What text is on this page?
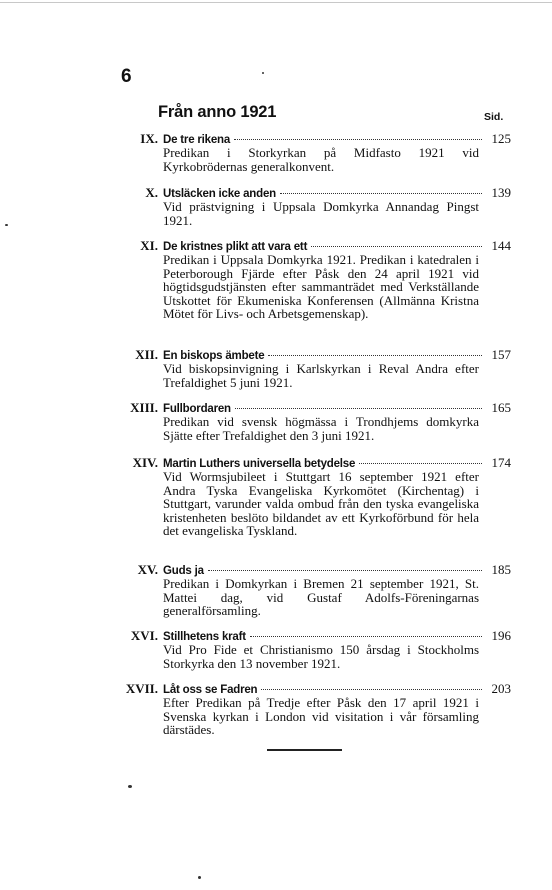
6
Från anno 1921	Sid.
IX. De tre rikena	125
Predikan i Storkyrkan på Midfasto 1921 vid Kyrkobrödernas generalkonvent.
X. Utsläcken icke anden	139
Vid prästvigning i Uppsala Domkyrka Annandag Pingst 1921.
XI. De kristnes plikt att vara ett	144
Predikan i Uppsala Domkyrka 1921. Predikan i katedralen i Peterborough Fjärde efter Påsk den 24 april 1921 vid högtidsgudstjänsten efter sammanträdet med Verkställande Utskottet för Ekumeniska Konferensen (Allmänna Kristna Mötet för Livs- och Arbetsgemenskap).
XII. En biskops ämbete	157
Vid biskopsinvigning i Karlskyrkan i Reval Andra efter Trefaldighet 5 juni 1921.
XIII. Fullbordaren	165
Predikan vid svensk högmässa i Trondhjems domkyrka Sjätte efter Trefaldighet den 3 juni 1921.
XIV. Martin Luthers universella betydelse	174
Vid Wormsjubileet i Stuttgart 16 september 1921 efter Andra Tyska Evangeliska Kyrkomötet (Kirchentag) i Stuttgart, varunder valda ombud från den tyska evangeliska kristenheten beslöto bildandet av ett Kyrkoförbund för hela det evangeliska Tyskland.
XV. Guds ja	185
Predikan i Domkyrkan i Bremen 21 september 1921, St. Mattei dag, vid Gustaf Adolfs-Föreningarnas generalförsamling.
XVI. Stillhetens kraft	196
Vid Pro Fide et Christianismo 150 årsdag i Stockholms Storkyrka den 13 november 1921.
XVII. Låt oss se Fadren	203
Efter Predikan på Tredje efter Påsk den 17 april 1921 i Svenska kyrkan i London vid visitation i vår församling därstädes.
